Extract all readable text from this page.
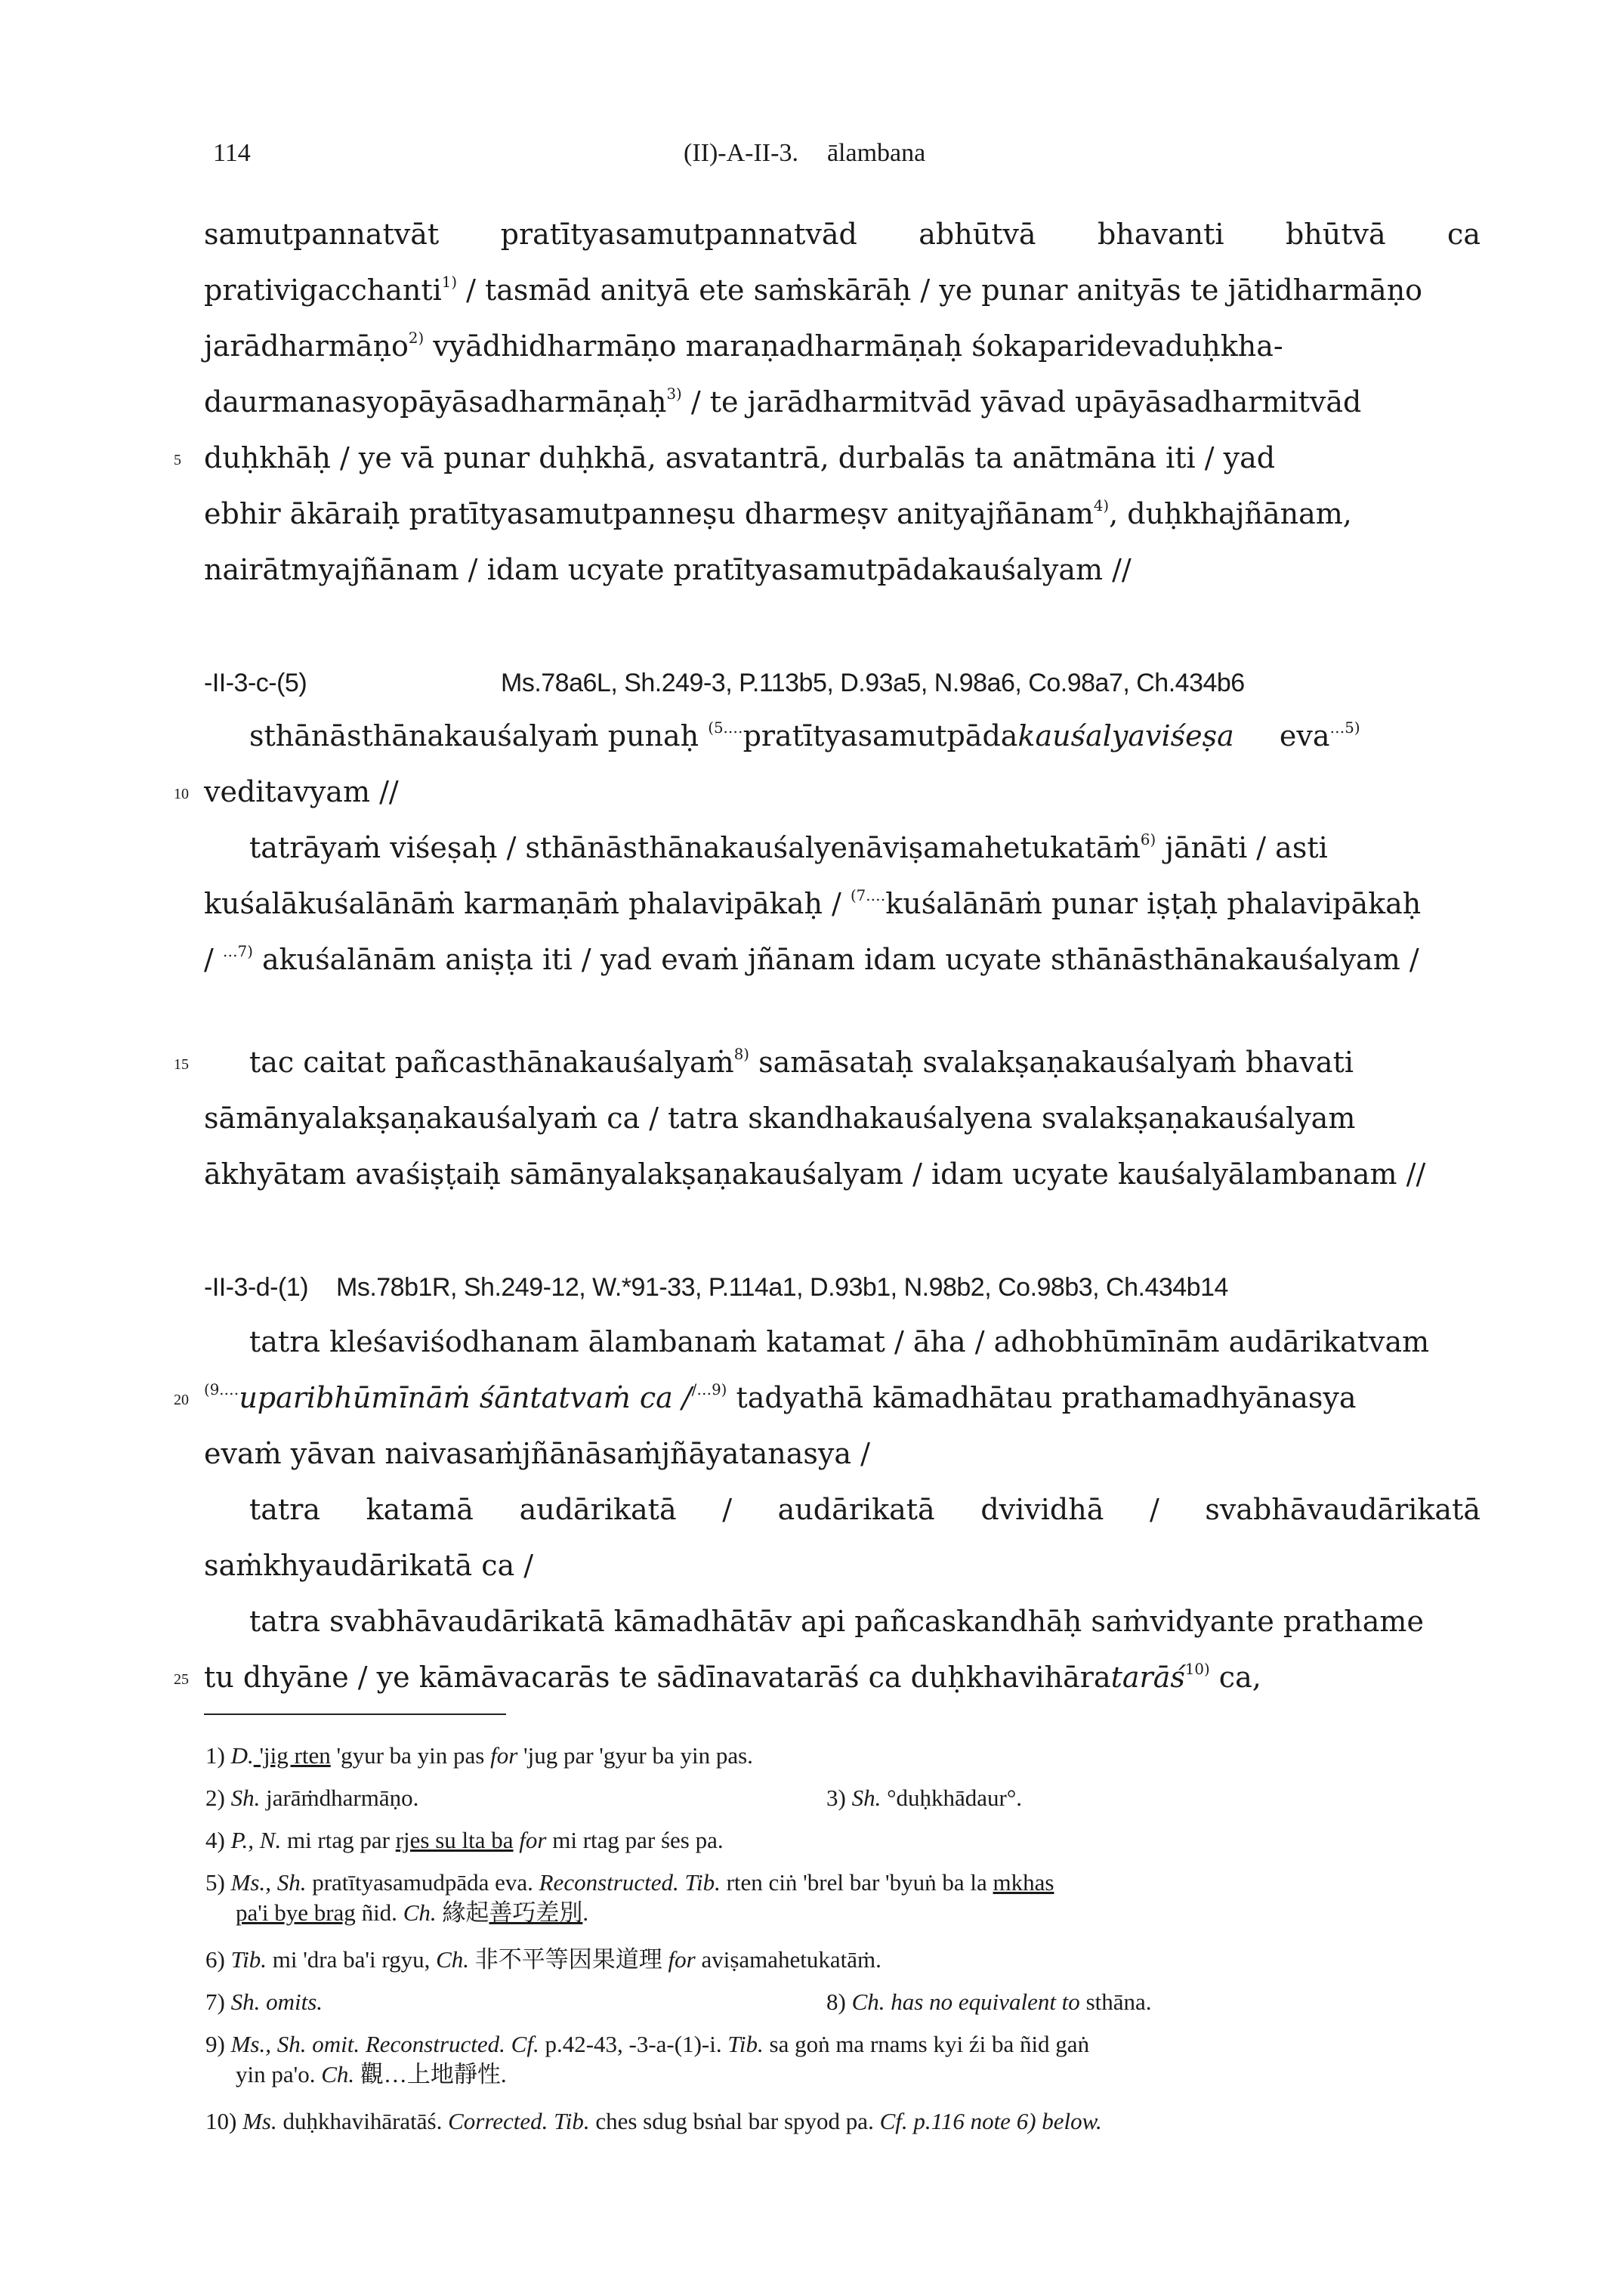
114	(II)-A-II-3. ālambana
samutpannatvāt pratītyasamutpannatvād abhūtvā bhavanti bhūtvā ca
prativigacchanti$^{1)}$ / tasmād anityā ete saṁskārāḥ / ye punar anityās te jātidharmāṇo
jarādharmāṇo$^{2)}$ vyādhidharmāṇo maraṇadharmāṇaḥ śokaparidevaduḥkha-
daurmanasyopāyāsadharmāṇaḥ$^{3)}$ / te jarādharmitvād yāvad upāyāsadharmitvād
5 duḥkhāḥ / ye vā punar duḥkhā, asvatantrā, durbalās ta anātmāna iti / yad
ebhir ākāraiḥ pratītyasamutpanneṣu dharmeṣv anityajñānam$^{4)}$, duḥkhajñānam,
nairātmyajñānam / idam ucyate pratītyasamutpādakauśalyam //
-II-3-c-(5)	Ms.78a6L, Sh.249-3, P.113b5, D.93a5, N.98a6, Co.98a7, Ch.434b6
sthānāsthānakauśalyaṁ punaḥ $^{(5.\dots}$pratītyasamutpādakauśalyaviśeṣa eva$^{\dots 5)}$
10 veditavyam //
tatrāyaṁ viśeṣaḥ / sthānāsthānakauśalyenāviṣamahetukatāṁ$^{6)}$ jānāti / asti
kuśalākuśalānāṁ karmaṇāṁ phalavipākaḥ / $^{(7.\dots}$kuśalānāṁ punar iṣṭaḥ phalavipākaḥ
/ $^{\dots 7)}$ akuśalānām aniṣṭa iti / yad evaṁ jñānam idam ucyate sthānāsthānakauśalyam /
15 tac caitat pañcasthānakauśalyaṁ$^{8)}$ samāsataḥ svalakṣaṇakauśalyaṁ bhavati
sāmānyalakṣaṇakauśalyaṁ ca / tatra skandhakauśalyena svalakṣaṇakauśalyam
ākhyātam avaśiṣṭaiḥ sāmānyalakṣaṇakauśalyam / idam ucyate kauśalyālambanam //
-II-3-d-(1) Ms.78b1R, Sh.249-12, W.*91-33, P.114a1, D.93b1, N.98b2, Co.98b3, Ch.434b14
tatra kleśaviśodhanam ālambanaṁ katamat / āha / adhobhūmīnām audārikatvam
20
$^{(9.\dots}$uparibhūmīnāṁ śāntatvaṁ ca /$^{/\dots 9)}$ tadyathā kāmadhātau prathamadhyānasya
evaṁ yāvan naivasaṁjñānāsaṁjñāyatanasya /
tatra katamā audārikatā / audārikatā dvividhā / svabhāvaudārikatā
saṁkhyaudārikatā ca /
tatra svabhāvaudārikatā kāmadhātāv api pañcaskandhāḥ saṁvidyante prathame
25 tu dhyāne / ye kāmāvacarās te sādīnavatarāś ca duḥkhavihāratarāś$^{10)}$ ca,
1) D. 'jig rten 'gyur ba yin pas for 'jug par 'gyur ba yin pas.
2) Sh. jarāṁdharmāṇo.	3) Sh. °duḥkhādaur°.
4) P., N. mi rtag par rjes su lta ba for mi rtag par śes pa.
5) Ms., Sh. pratītyasamudpāda eva. Reconstructed. Tib. rten ciṅ 'brel bar 'byuṅ ba la mkhas
pa'i bye brag ñid. Ch. 緣起善巧差別.
6) Tib. mi 'dra ba'i rgyu, Ch. 非不平等因果道理 for aviṣamahetukatāṁ.
7) Sh. omits.	8) Ch. has no equivalent to sthāna.
9) Ms., Sh. omit. Reconstructed. Cf. p.42-43, -3-a-(1)-i. Tib. sa goṅ ma rnams kyi źi ba ñid gaṅ
yin pa'o. Ch. 觀…上地靜性.
10) Ms. duḥkhavihāratāś. Corrected. Tib. ches sdug bsṅal bar spyod pa. Cf. p.116 note 6) below.
